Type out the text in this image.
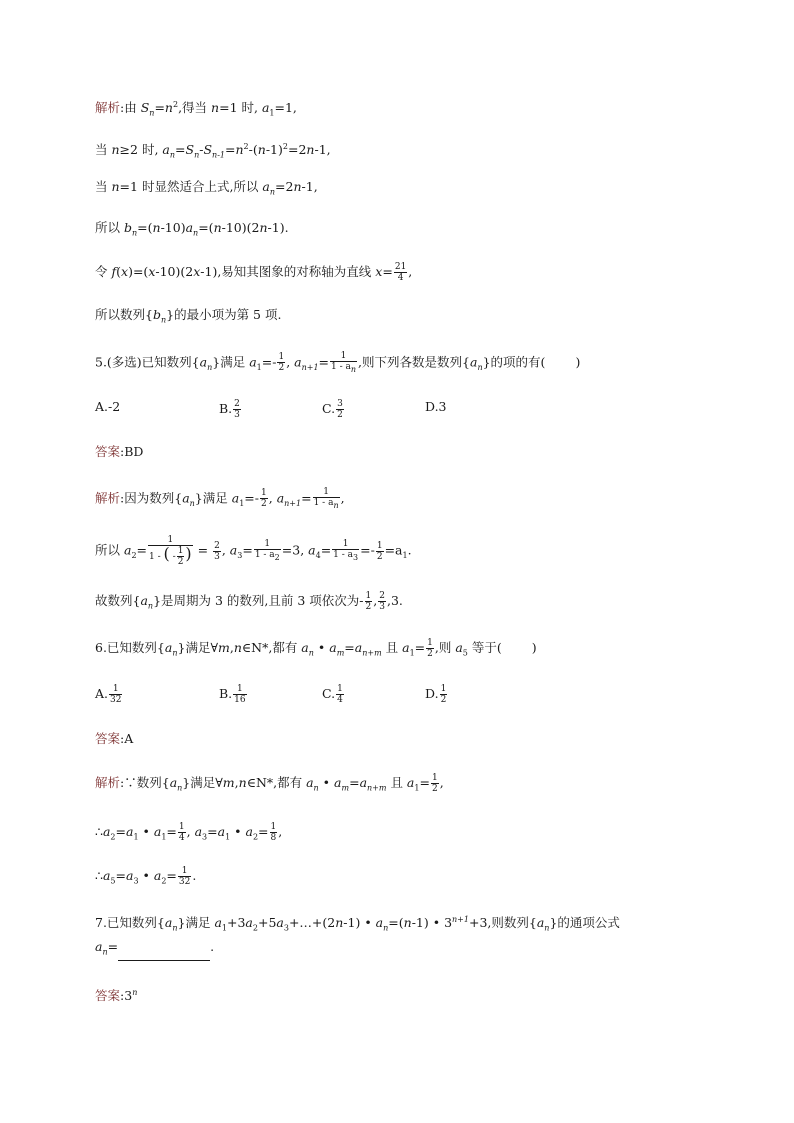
解析:由 $S_n=n^2$,得当 n=1 时, $a_1=1$,
当 n≥2 时, $a_n=S_n-S_{n-1}=n^2-(n-1)^2=2n-1$,
当 n=1 时显然适合上式,所以 $a_n=2n-1$,
所以 $b_n=(n-10)a_n=(n-10)(2n-1)$.
令 f(x)=(x-10)(2x-1),易知其图象的对称轴为直线 $x= \frac{21}{4}$ ,
所以数列$\{b_n\}$的最小项为第 5 项.
5.(多选)已知数列$\{a_n\}$满足 $a_1=- \frac{1}{2}$ , $a_{n+1}= \frac{1}{1 - a_n}$ ,则下列各数是数列$\{a_n\}$的项的有( )
A.-2	B. $\frac{2}{3}$	C. $\frac{3}{2}$	D.3
答案:BD
解析:因为数列$\{a_n\}$满足 $a_1=- \frac{1}{2}$ , $a_{n+1}= \frac{1}{1 - a_n}$ ,
所以 $a_2= \frac{1}{1 - ( - \frac{1}{2} )} = \frac{2}{3}$ , $a_3= \frac{1}{1 - a_2} =3$, $a_4= \frac{1}{1 - a_3} =- \frac{1}{2} =a_1$.
故数列$\{a_n\}$是周期为 3 的数列,且前 3 项依次为- $\frac{1}{2}$ , $\frac{2}{3} ,3$.
6.已知数列$\{a_n\}$满足∀m,n∈N*,都有 $a_n$ • $a_m=a_{n+m}$ 且 $a_1= \frac{1}{2}$ ,则 $a_5$ 等于( )
A. $\frac{1}{32}$	B. $\frac{1}{16}$	C. $\frac{1}{4}$	D. $\frac{1}{2}$
答案:A
解析:∵数列$\{a_n\}$满足∀m,n∈N*,都有 $a_n$ • $a_m=a_{n+m}$ 且 $a_1= \frac{1}{2}$ ,
$\therefore a_2=a_1$ • $a_1= \frac{1}{4}$ , $a_3=a_1$ • $a_2= \frac{1}{8}$ ,
$\therefore a_5=a_3$ • $a_2= \frac{1}{32}$ .
7.已知数列$\{a_n\}$满足 $a_1+3a_2+5a_3+\dots+(2n-1)$ • $a_n=(n-1)$ • $3^{n+1}+3$,则数列$\{a_n\}$的通项公式
$a_n=$	.
答案:3$^n$
